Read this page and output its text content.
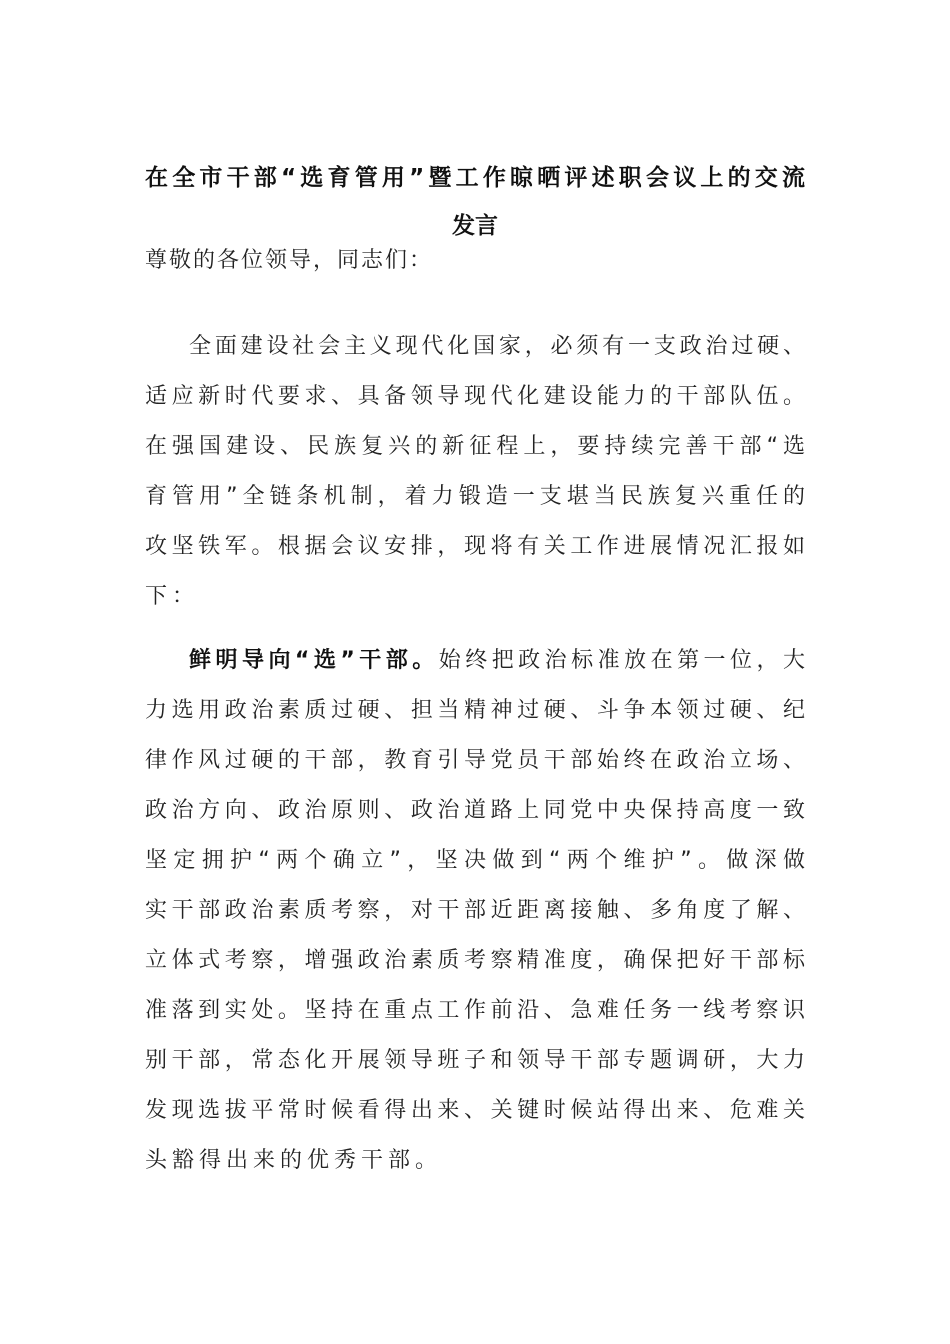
在全市干部“选育管用”暨工作晾晒评述职会议上的交流
发言
尊敬的各位领导，同志们：
全面建设社会主义现代化国家，必须有一支政治过硬、
适应新时代要求、具备领导现代化建设能力的干部队伍。
在强国建设、民族复兴的新征程上，要持续完善干部“选
育管用”全链条机制，着力锻造一支堪当民族复兴重任的
攻坚铁军。根据会议安排，现将有关工作进展情况汇报如
下：
鲜明导向“选”干部。始终把政治标准放在第一位，大
力选用政治素质过硬、担当精神过硬、斗争本领过硬、纪
律作风过硬的干部，教育引导党员干部始终在政治立场、
政治方向、政治原则、政治道路上同党中央保持高度一致
坚定拥护“两个确立”，坚决做到“两个维护”。做深做
实干部政治素质考察，对干部近距离接触、多角度了解、
立体式考察，增强政治素质考察精准度，确保把好干部标
准落到实处。坚持在重点工作前沿、急难任务一线考察识
别干部，常态化开展领导班子和领导干部专题调研，大力
发现选拔平常时候看得出来、关键时候站得出来、危难关
头豁得出来的优秀干部。
